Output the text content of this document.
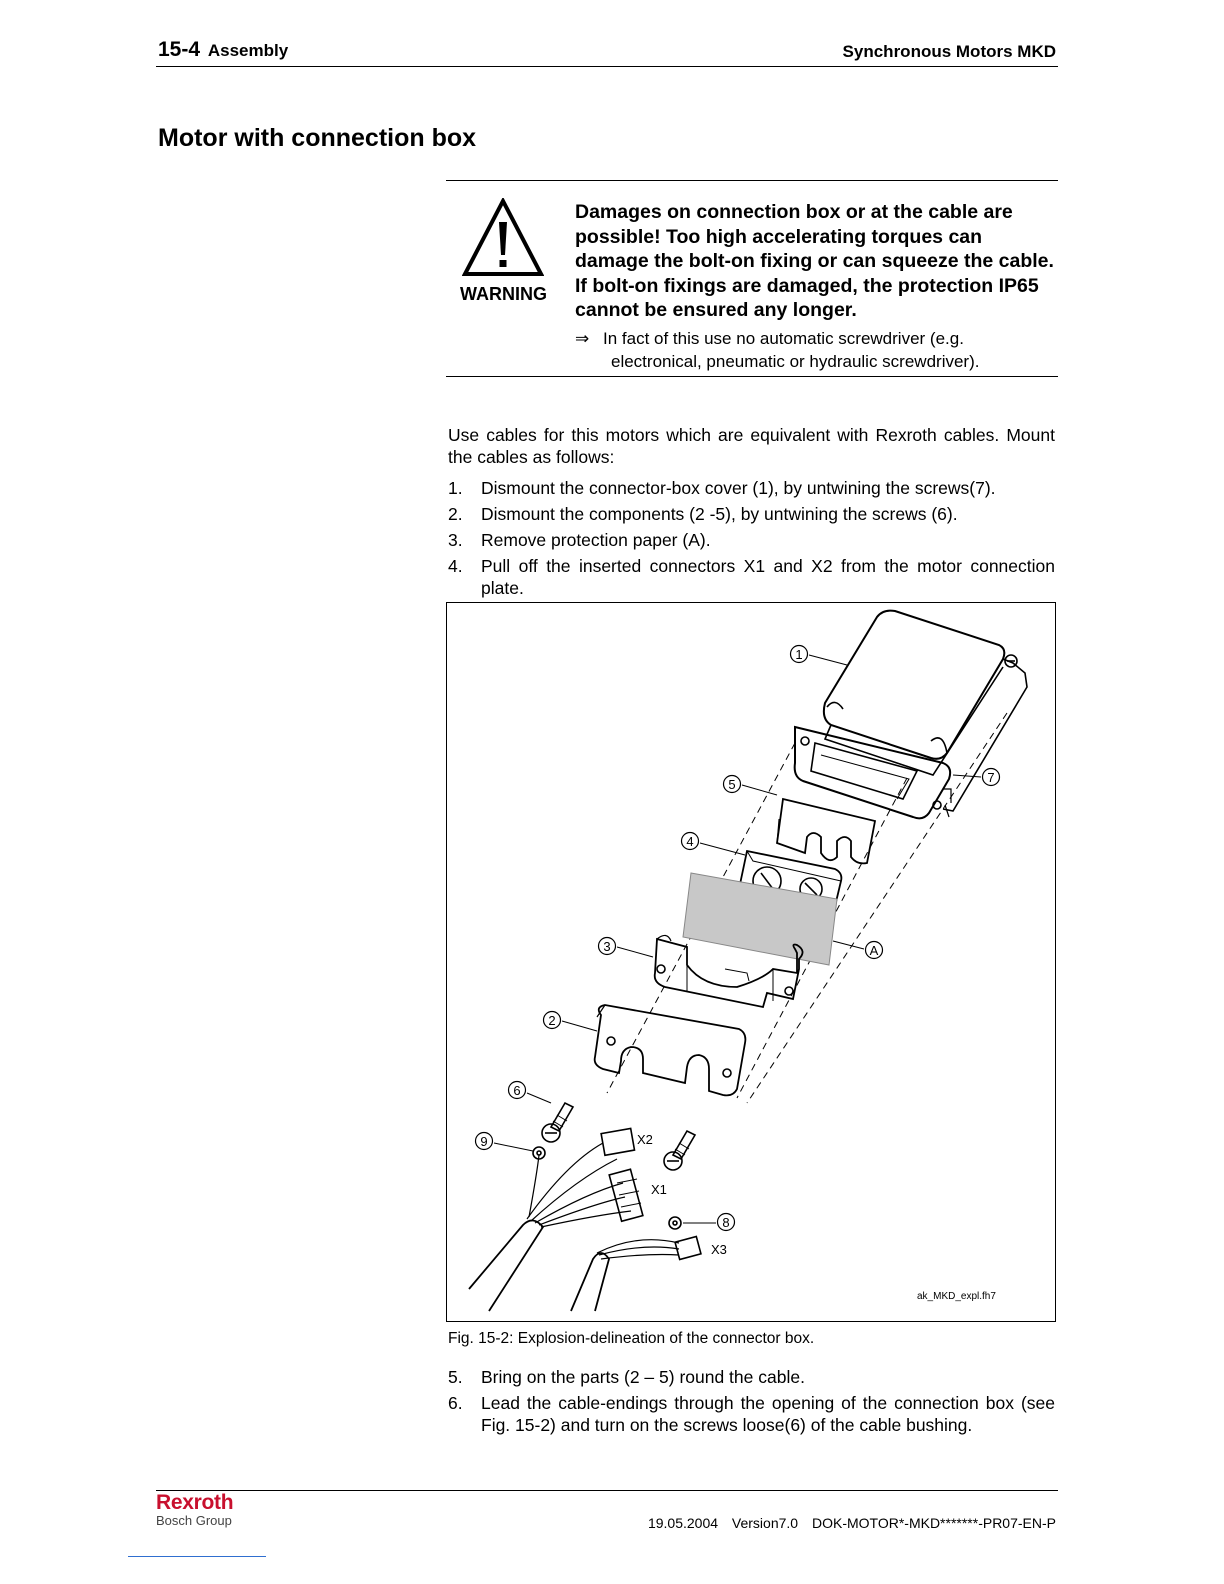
15-4 Assembly	Synchronous Motors MKD
Motor with connection box
WARNING
Damages on connection box or at the cable are possible! Too high accelerating torques can damage the bolt-on fixing or can squeeze the cable. If bolt-on fixings are damaged, the protection IP65 cannot be ensured any longer.
⇒ In fact of this use no automatic screwdriver (e.g.
electronical, pneumatic or hydraulic screwdriver).
Use cables for this motors which are equivalent with Rexroth cables. Mount the cables as follows:
1. Dismount the connector-box cover (1), by untwining the screws(7).
2. Dismount the components (2 -5), by untwining the screws (6).
3. Remove protection paper (A).
4. Pull off the inserted connectors X1 and X2 from the motor connection plate.
1
7
5
4
A
3
2
6
9
8
X2
X1
X3
ak_MKD_expl.fh7
Fig. 15-2: Explosion-delineation of the connector box.
5. Bring on the parts (2 – 5) round the cable.
6. Lead the cable-endings through the opening of the connection box (see Fig. 15-2) and turn on the screws loose(6) of the cable bushing.
Rexroth
Bosch Group	19.05.2004 Version7.0 DOK-MOTOR*-MKD*******-PR07-EN-P
